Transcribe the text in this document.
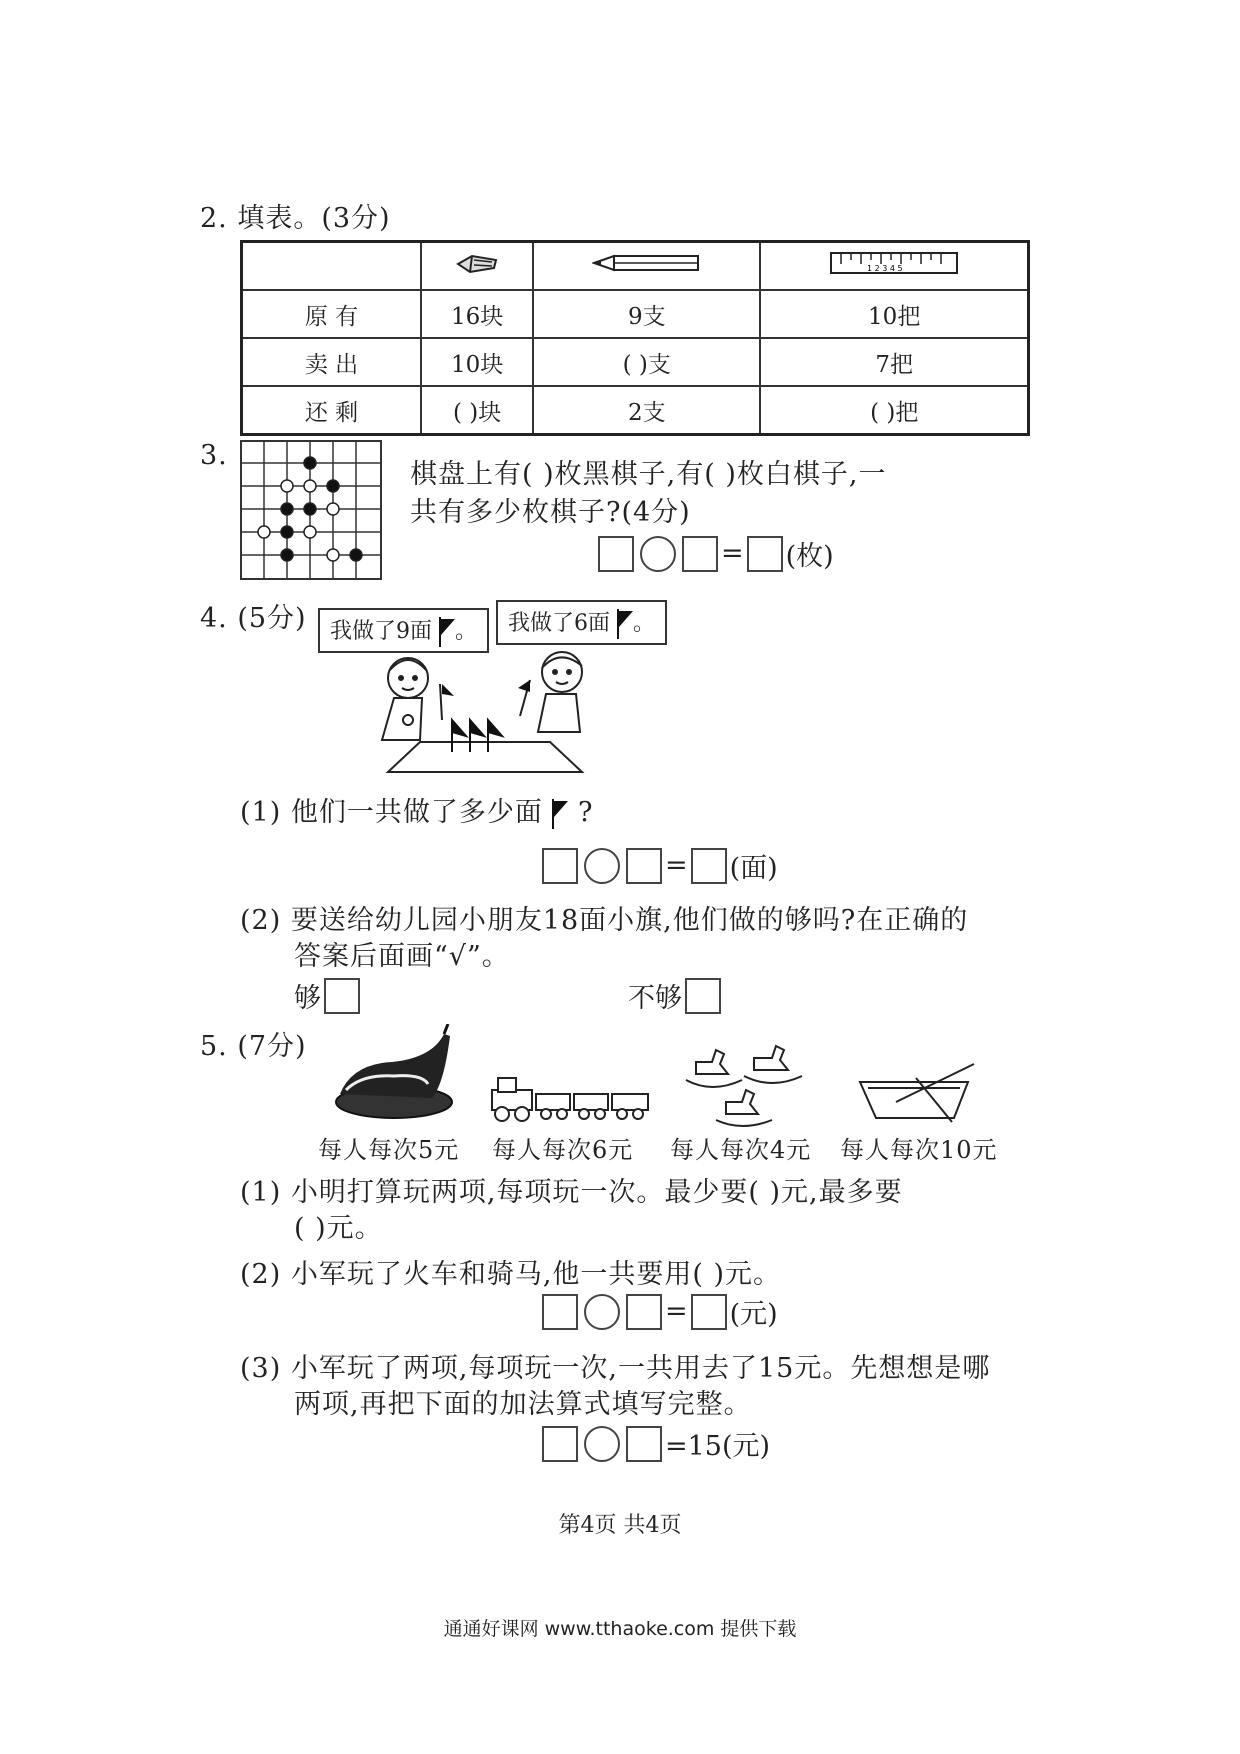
2. 填表。(3分)

1 2 3 4 5

原 有	16块	9支	10把
卖 出	10块	( )支	7把
还 剩	( )块	2支	( )把
3.
棋盘上有( )枚黑棋子,有( )枚白棋子,一
共有多少枚棋子?(4分)
= (枚)
4. (5分)	我做了9面 。	我做了6面 。
(1) 他们一共做了多少面 ?
= (面)
(2) 要送给幼儿园小朋友18面小旗,他们做的够吗?在正确的
答案后面画“√”。
够	不够
5. (7分)
每人每次5元 每人每次6元 每人每次4元 每人每次10元
(1) 小明打算玩两项,每项玩一次。最少要( )元,最多要
( )元。
(2) 小军玩了火车和骑马,他一共要用( )元。
= (元)
(3) 小军玩了两项,每项玩一次,一共用去了15元。先想想是哪
两项,再把下面的加法算式填写完整。
=15(元)
第4页 共4页
通通好课网 www.tthaoke.com 提供下载
